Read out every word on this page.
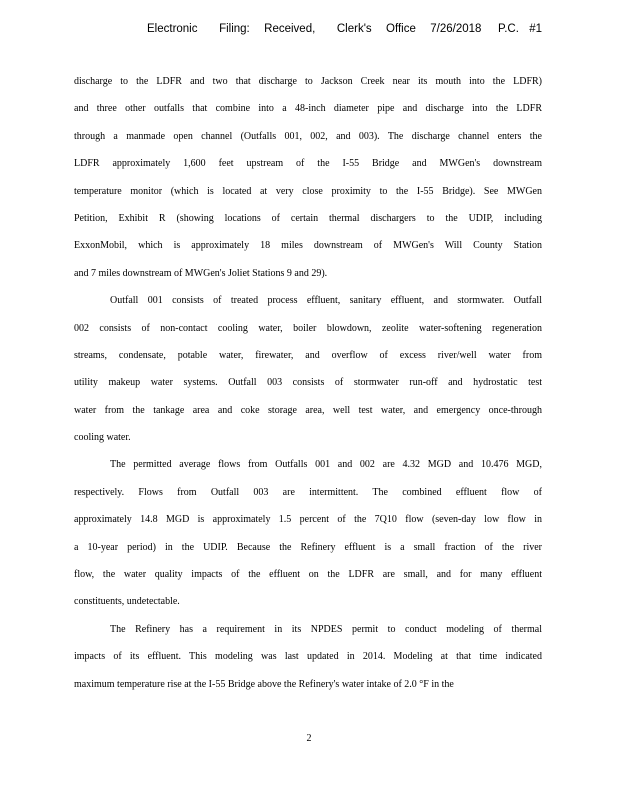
Electronic   Filing:  Received,   Clerk's  Office  7/26/2018 P.C.  #1
discharge to the LDFR and two that discharge to Jackson Creek near its mouth into the LDFR)
and three other outfalls that combine into a 48-inch diameter pipe and discharge into the LDFR
through a manmade open channel (Outfalls 001, 002, and 003). The discharge channel enters the
LDFR approximately 1,600 feet upstream of the I-55 Bridge and MWGen's downstream
temperature monitor (which is located at very close proximity to the I-55 Bridge). See MWGen
Petition, Exhibit R (showing locations of certain thermal dischargers to the UDIP, including
ExxonMobil, which is approximately 18 miles downstream of MWGen's Will County Station
and 7 miles downstream of MWGen's Joliet Stations 9 and 29).
Outfall 001 consists of treated process effluent, sanitary effluent, and stormwater. Outfall
002 consists of non-contact cooling water, boiler blowdown, zeolite water-softening regeneration
streams, condensate, potable water, firewater, and overflow of excess river/well water from
utility makeup water systems. Outfall 003 consists of stormwater run-off and hydrostatic test
water from the tankage area and coke storage area, well test water, and emergency once-through
cooling water.
The permitted average flows from Outfalls 001 and 002 are 4.32 MGD and 10.476 MGD,
respectively. Flows from Outfall 003 are intermittent. The combined effluent flow of
approximately 14.8 MGD is approximately 1.5 percent of the 7Q10 flow (seven-day low flow in
a 10-year period) in the UDIP. Because the Refinery effluent is a small fraction of the river
flow, the water quality impacts of the effluent on the LDFR are small, and for many effluent
constituents, undetectable.
The Refinery has a requirement in its NPDES permit to conduct modeling of thermal
impacts of its effluent. This modeling was last updated in 2014. Modeling at that time indicated
maximum temperature rise at the I-55 Bridge above the Refinery's water intake of 2.0 °F in the
2
